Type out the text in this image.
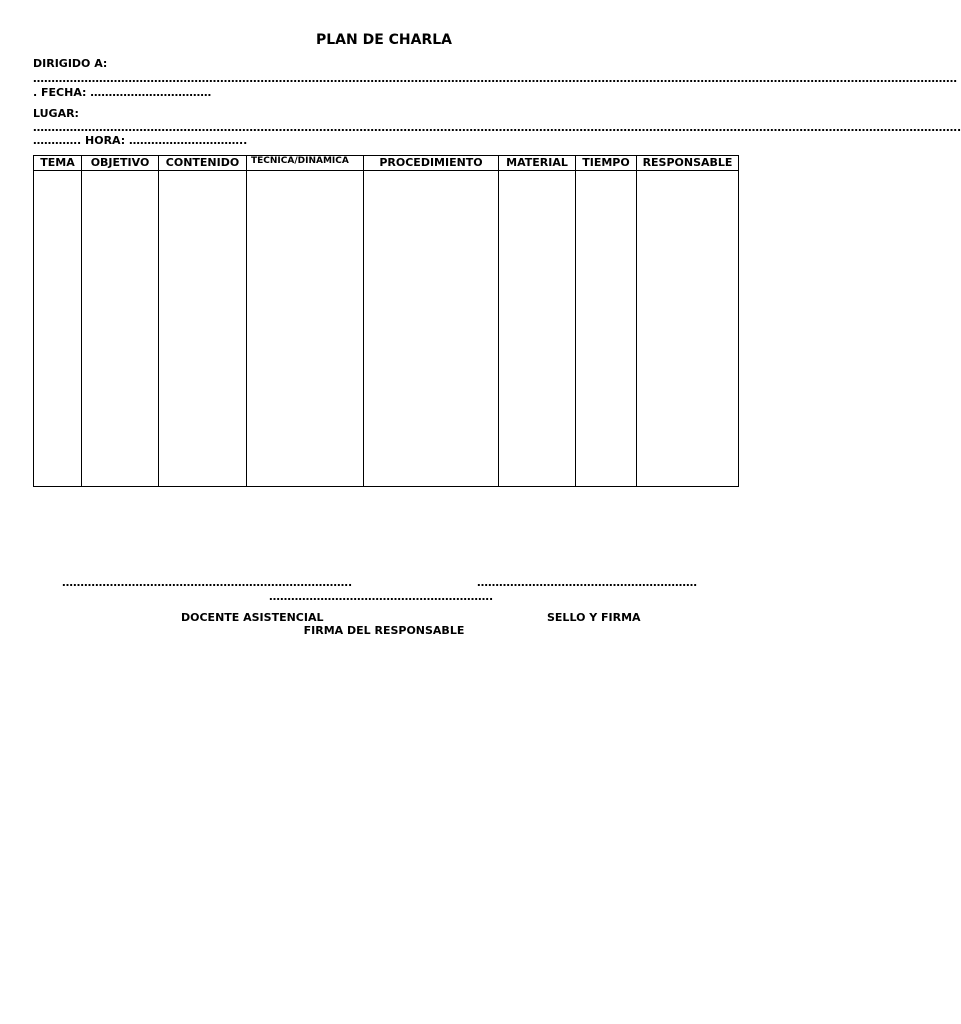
PLAN DE CHARLA
DIRIGIDO A:
………………………………………………………………………………………………………………………………………………………………………………………………………………………………
. FECHA: ……………………………
LUGAR:
……………………………………………………………………………………………………………………………………………………………………………………………………………………………….
…………. HORA: …………………………..
TEMA	OBJETIVO	CONTENIDO	TECNICA/DINAMICA	PROCEDIMIENTO	MATERIAL	TIEMPO	RESPONSABLE

…………………………………………………………………….	……………………………………………………
…………………………………………………….
DOCENTE ASISTENCIAL	SELLO Y FIRMA
FIRMA DEL RESPONSABLE
